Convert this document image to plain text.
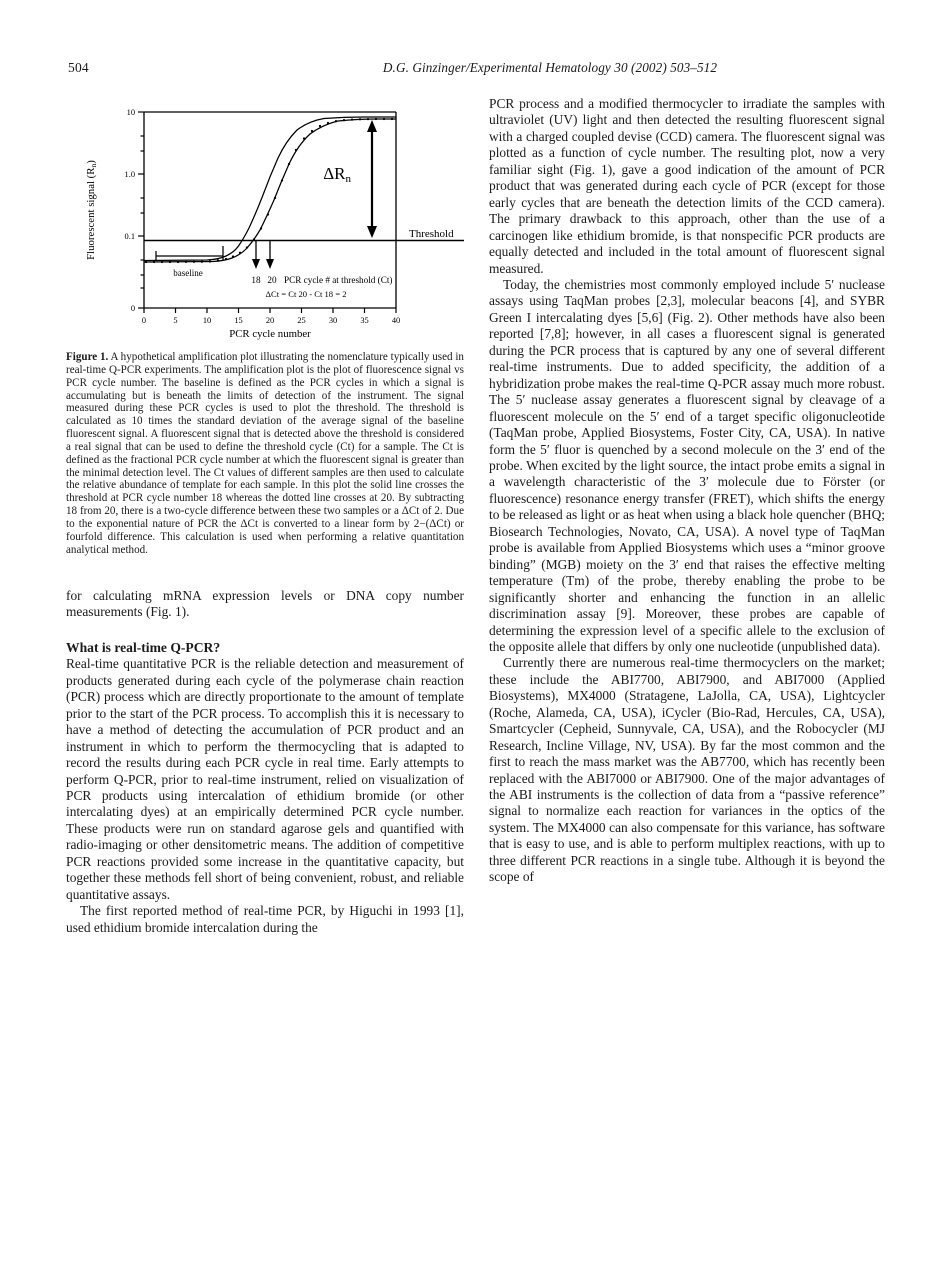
504	D.G. Ginzinger/Experimental Hematology 30 (2002) 503–512
10
1.0
0.1
0
0	5	10	15	20	25	30	35	40
PCR cycle number
Fluorescent signal (Rn)
Threshold
ΔRn
baseline
18 20 PCR cycle # at threshold (Ct)
ΔCt = Ct 20 - Ct 18 = 2

Figure 1. A hypothetical amplification plot illustrating the nomenclature typically used in real-time Q-PCR experiments. The amplification plot is the plot of fluorescence signal vs PCR cycle number. The baseline is defined as the PCR cycles in which a signal is accumulating but is beneath the limits of detection of the instrument. The signal measured during these PCR cycles is used to plot the threshold. The threshold is calculated as 10 times the standard deviation of the average signal of the baseline fluorescent signal. A fluorescent signal that is detected above the threshold is considered a real signal that can be used to define the threshold cycle (Ct) for a sample. The Ct is defined as the fractional PCR cycle number at which the fluorescent signal is greater than the minimal detection level. The Ct values of different samples are then used to calculate the relative abundance of template for each sample. In this plot the solid line crosses the threshold at PCR cycle number 18 whereas the dotted line crosses at 20. By subtracting 18 from 20, there is a two-cycle difference between these two samples or a ΔCt of 2. Due to the exponential nature of PCR the ΔCt is converted to a linear form by 2−(ΔCt) or fourfold difference. This calculation is used when performing a relative quantitation analytical method.

for calculating mRNA expression levels or DNA copy number measurements (Fig. 1).

What is real-time Q-PCR?

Real-time quantitative PCR is the reliable detection and measurement of products generated during each cycle of the polymerase chain reaction (PCR) process which are directly proportionate to the amount of template prior to the start of the PCR process. To accomplish this it is necessary to have a method of detecting the accumulation of PCR product and an instrument in which to perform the thermocycling that is adapted to record the results during each PCR cycle in real time. Early attempts to perform Q-PCR, prior to real-time instrument, relied on visualization of PCR products using intercalation of ethidium bromide (or other intercalating dyes) at an empirically determined PCR cycle number. These products were run on standard agarose gels and quantified with radio-imaging or other densitometric means. The addition of competitive PCR reactions provided some increase in the quantitative capacity, but together these methods fell short of being convenient, robust, and reliable quantitative assays.

The first reported method of real-time PCR, by Higuchi in 1993 [1], used ethidium bromide intercalation during the

PCR process and a modified thermocycler to irradiate the samples with ultraviolet (UV) light and then detected the resulting fluorescent signal with a charged coupled devise (CCD) camera. The fluorescent signal was plotted as a function of cycle number. The resulting plot, now a very familiar sight (Fig. 1), gave a good indication of the amount of PCR product that was generated during each cycle of PCR (except for those early cycles that are beneath the detection limits of the CCD camera). The primary drawback to this approach, other than the use of a carcinogen like ethidium bromide, is that nonspecific PCR products are equally detected and included in the total amount of fluorescent signal measured.

Today, the chemistries most commonly employed include 5′ nuclease assays using TaqMan probes [2,3], molecular beacons [4], and SYBR Green I intercalating dyes [5,6] (Fig. 2). Other methods have also been reported [7,8]; however, in all cases a fluorescent signal is generated during the PCR process that is captured by any one of several different real-time instruments. Due to added specificity, the addition of a hybridization probe makes the real-time Q-PCR assay much more robust. The 5′ nuclease assay generates a fluorescent signal by cleavage of a fluorescent molecule on the 5′ end of a target specific oligonucleotide (TaqMan probe, Applied Biosystems, Foster City, CA, USA). In native form the 5′ fluor is quenched by a second molecule on the 3′ end of the probe. When excited by the light source, the intact probe emits a signal in a wavelength characteristic of the 3′ molecule due to Förster (or fluorescence) resonance energy transfer (FRET), which shifts the energy to be released as light or as heat when using a black hole quencher (BHQ; Biosearch Technologies, Novato, CA, USA). A novel type of TaqMan probe is available from Applied Biosystems which uses a “minor groove binding” (MGB) moiety on the 3′ end that raises the effective melting temperature (Tm) of the probe, thereby enabling the probe to be significantly shorter and enhancing the function in an allelic discrimination assay [9]. Moreover, these probes are capable of determining the expression level of a specific allele to the exclusion of the opposite allele that differs by only one nucleotide (unpublished data).

Currently there are numerous real-time thermocyclers on the market; these include the ABI7700, ABI7900, and ABI7000 (Applied Biosystems), MX4000 (Stratagene, LaJolla, CA, USA), Lightcycler (Roche, Alameda, CA, USA), iCycler (Bio-Rad, Hercules, CA, USA), Smartcycler (Cepheid, Sunnyvale, CA, USA), and the Robocycler (MJ Research, Incline Village, NV, USA). By far the most common and the first to reach the mass market was the AB7700, which has recently been replaced with the ABI7000 or ABI7900. One of the major advantages of the ABI instruments is the collection of data from a “passive reference” signal to normalize each reaction for variances in the optics of the system. The MX4000 can also compensate for this variance, has software that is easy to use, and is able to perform multiplex reactions, with up to three different PCR reactions in a single tube. Although it is beyond the scope of
